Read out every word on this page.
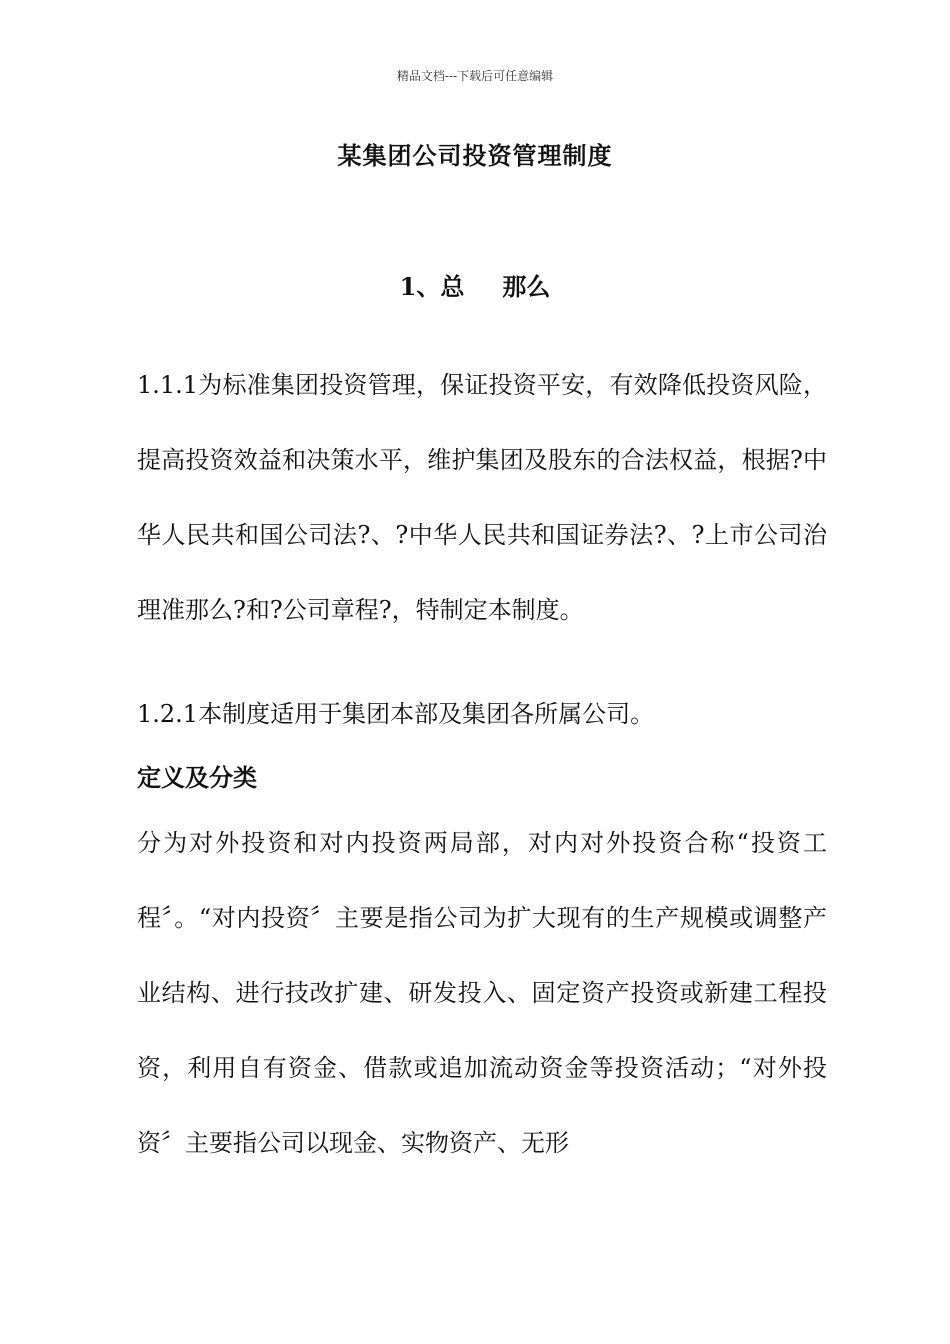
精品文档---下载后可任意编辑
某集团公司投资管理制度
1、总 那么

1.1.1为标准集团投资管理，保证投资平安，有效降低投资风险，提高投资效益和决策水平，维护集团及股东的合法权益，根据?中华人民共和国公司法?、?中华人民共和国证券法?、?上市公司治理准那么?和?公司章程?，特制定本制度。

1.2.1本制度适用于集团本部及集团各所属公司。

定义及分类

分为对外投资和对内投资两局部，对内对外投资合称“投资工程〞。“对内投资〞主要是指公司为扩大现有的生产规模或调整产业结构、进行技改扩建、研发投入、固定资产投资或新建工程投资，利用自有资金、借款或追加流动资金等投资活动；“对外投资〞主要指公司以现金、实物资产、无形
